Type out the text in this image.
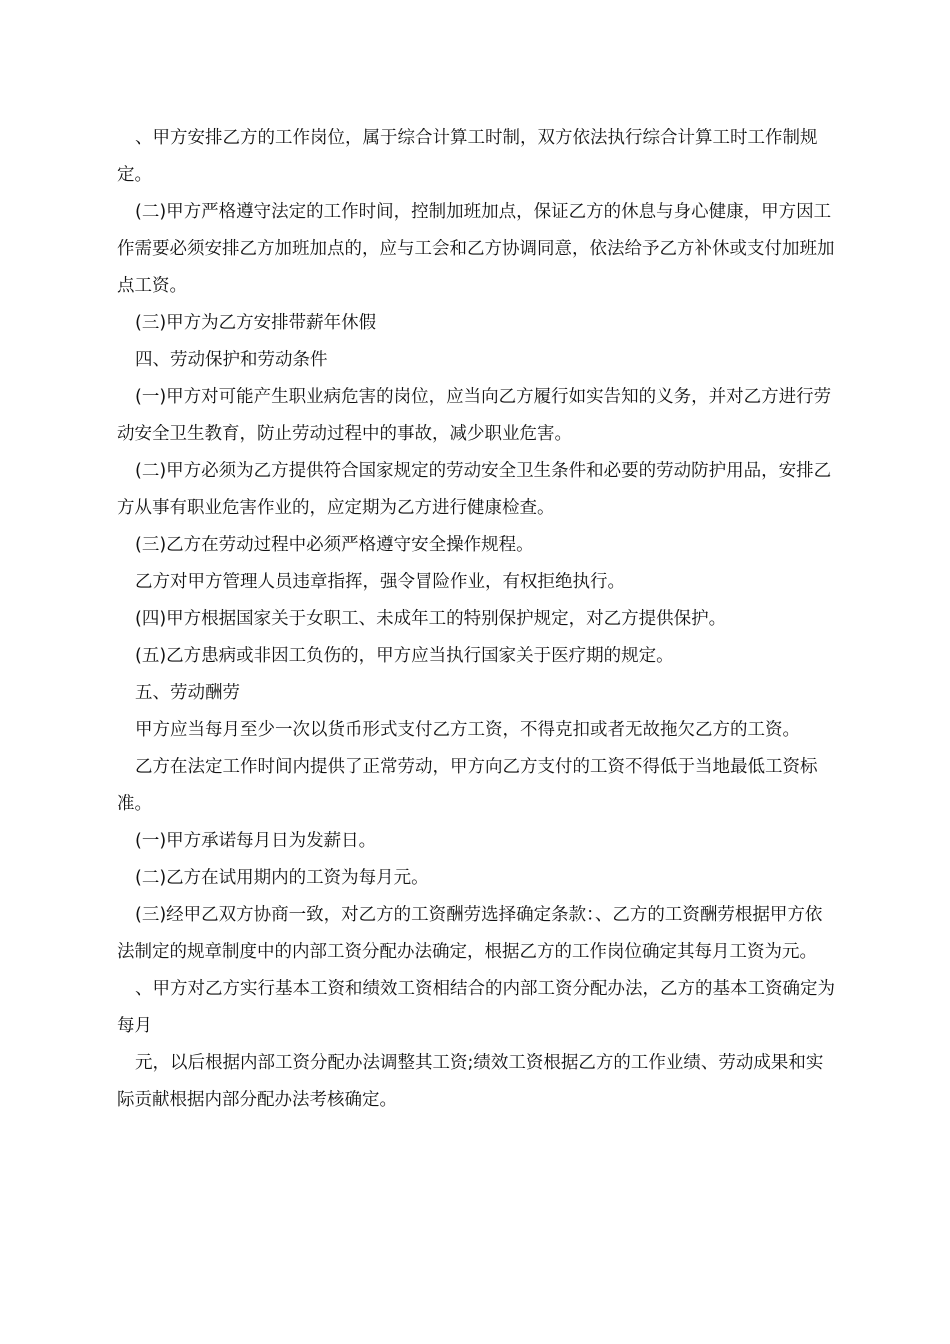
、甲方安排乙方的工作岗位，属于综合计算工时制，双方依法执行综合计算工时工作制规定。

(二)甲方严格遵守法定的工作时间，控制加班加点，保证乙方的休息与身心健康，甲方因工作需要必须安排乙方加班加点的，应与工会和乙方协调同意，依法给予乙方补休或支付加班加点工资。

(三)甲方为乙方安排带薪年休假

四、劳动保护和劳动条件

(一)甲方对可能产生职业病危害的岗位，应当向乙方履行如实告知的义务，并对乙方进行劳动安全卫生教育，防止劳动过程中的事故，减少职业危害。

(二)甲方必须为乙方提供符合国家规定的劳动安全卫生条件和必要的劳动防护用品，安排乙方从事有职业危害作业的，应定期为乙方进行健康检查。

(三)乙方在劳动过程中必须严格遵守安全操作规程。

乙方对甲方管理人员违章指挥，强令冒险作业，有权拒绝执行。

(四)甲方根据国家关于女职工、未成年工的特别保护规定，对乙方提供保护。

(五)乙方患病或非因工负伤的，甲方应当执行国家关于医疗期的规定。

五、劳动酬劳

甲方应当每月至少一次以货币形式支付乙方工资，不得克扣或者无故拖欠乙方的工资。

乙方在法定工作时间内提供了正常劳动，甲方向乙方支付的工资不得低于当地最低工资标准。

(一)甲方承诺每月日为发薪日。

(二)乙方在试用期内的工资为每月元。

(三)经甲乙双方协商一致，对乙方的工资酬劳选择确定条款：、乙方的工资酬劳根据甲方依法制定的规章制度中的内部工资分配办法确定，根据乙方的工作岗位确定其每月工资为元。

、甲方对乙方实行基本工资和绩效工资相结合的内部工资分配办法，乙方的基本工资确定为每月

元，以后根据内部工资分配办法调整其工资;绩效工资根据乙方的工作业绩、劳动成果和实际贡献根据内部分配办法考核确定。
